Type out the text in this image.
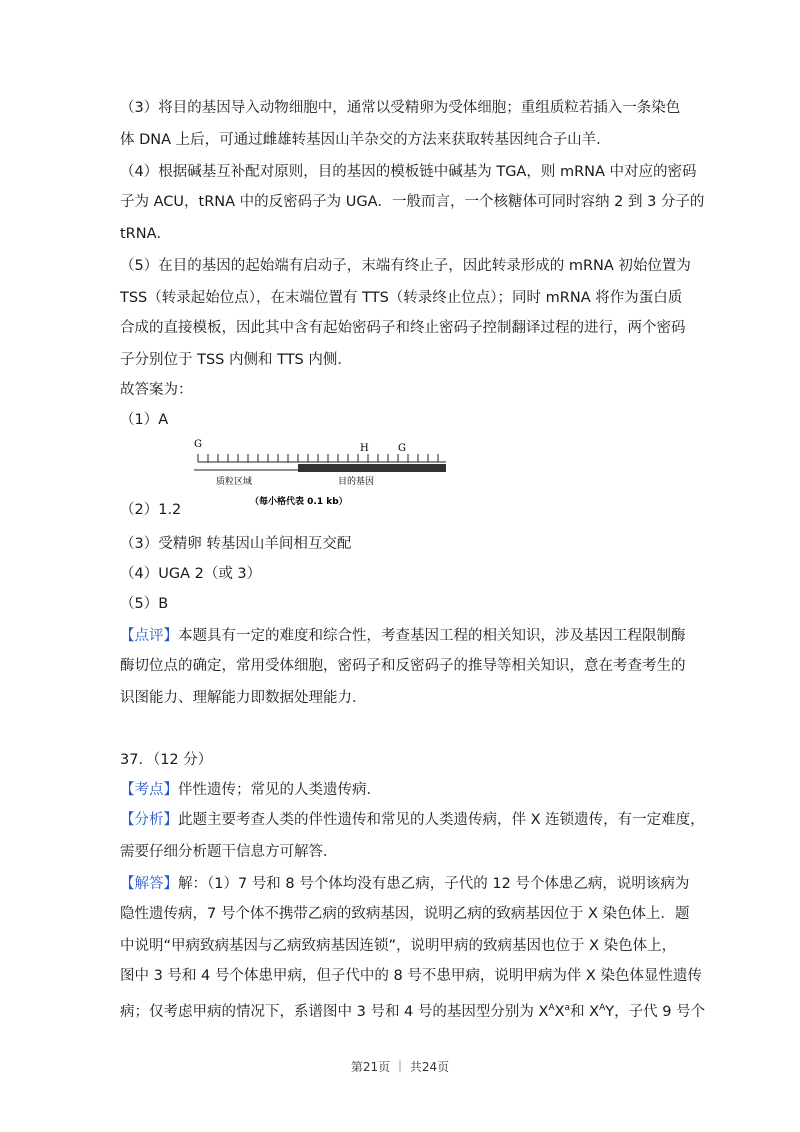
（3）将目的基因导入动物细胞中，通常以受精卵为受体细胞；重组质粒若插入一条染色
体 DNA 上后，可通过雌雄转基因山羊杂交的方法来获取转基因纯合子山羊．
（4）根据碱基互补配对原则，目的基因的模板链中碱基为 TGA，则 mRNA 中对应的密码
子为 ACU，tRNA 中的反密码子为 UGA．一般而言，一个核糖体可同时容纳 2 到 3 分子的
tRNA．
（5）在目的基因的起始端有启动子，末端有终止子，因此转录形成的 mRNA 初始位置为
TSS（转录起始位点），在末端位置有 TTS（转录终止位点）；同时 mRNA 将作为蛋白质
合成的直接模板，因此其中含有起始密码子和终止密码子控制翻译过程的进行，两个密码
子分别位于 TSS 内侧和 TTS 内侧．
故答案为：
（1）A
G	H	G
质粒区域	目的基因
（每小格代表 0.1 kb）
（2）1.2
（3）受精卵 转基因山羊间相互交配
（4）UGA 2（或 3）
（5）B
【点评】本题具有一定的难度和综合性，考查基因工程的相关知识，涉及基因工程限制酶
酶切位点的确定，常用受体细胞，密码子和反密码子的推导等相关知识，意在考查考生的
识图能力、理解能力即数据处理能力．
37．（12 分）
【考点】伴性遗传；常见的人类遗传病．
【分析】此题主要考查人类的伴性遗传和常见的人类遗传病，伴 X 连锁遗传，有一定难度，
需要仔细分析题干信息方可解答．
【解答】解：（1）7 号和 8 号个体均没有患乙病，子代的 12 号个体患乙病，说明该病为
隐性遗传病，7 号个体不携带乙病的致病基因，说明乙病的致病基因位于 X 染色体上．题
中说明“甲病致病基因与乙病致病基因连锁”，说明甲病的致病基因也位于 X 染色体上，
图中 3 号和 4 号个体患甲病，但子代中的 8 号不患甲病，说明甲病为伴 X 染色体显性遗传
病；仅考虑甲病的情况下，系谱图中 3 号和 4 号的基因型分别为 $X^AX^a$和 $X^AY$，子代 9 号个
第21页 ｜ 共24页
